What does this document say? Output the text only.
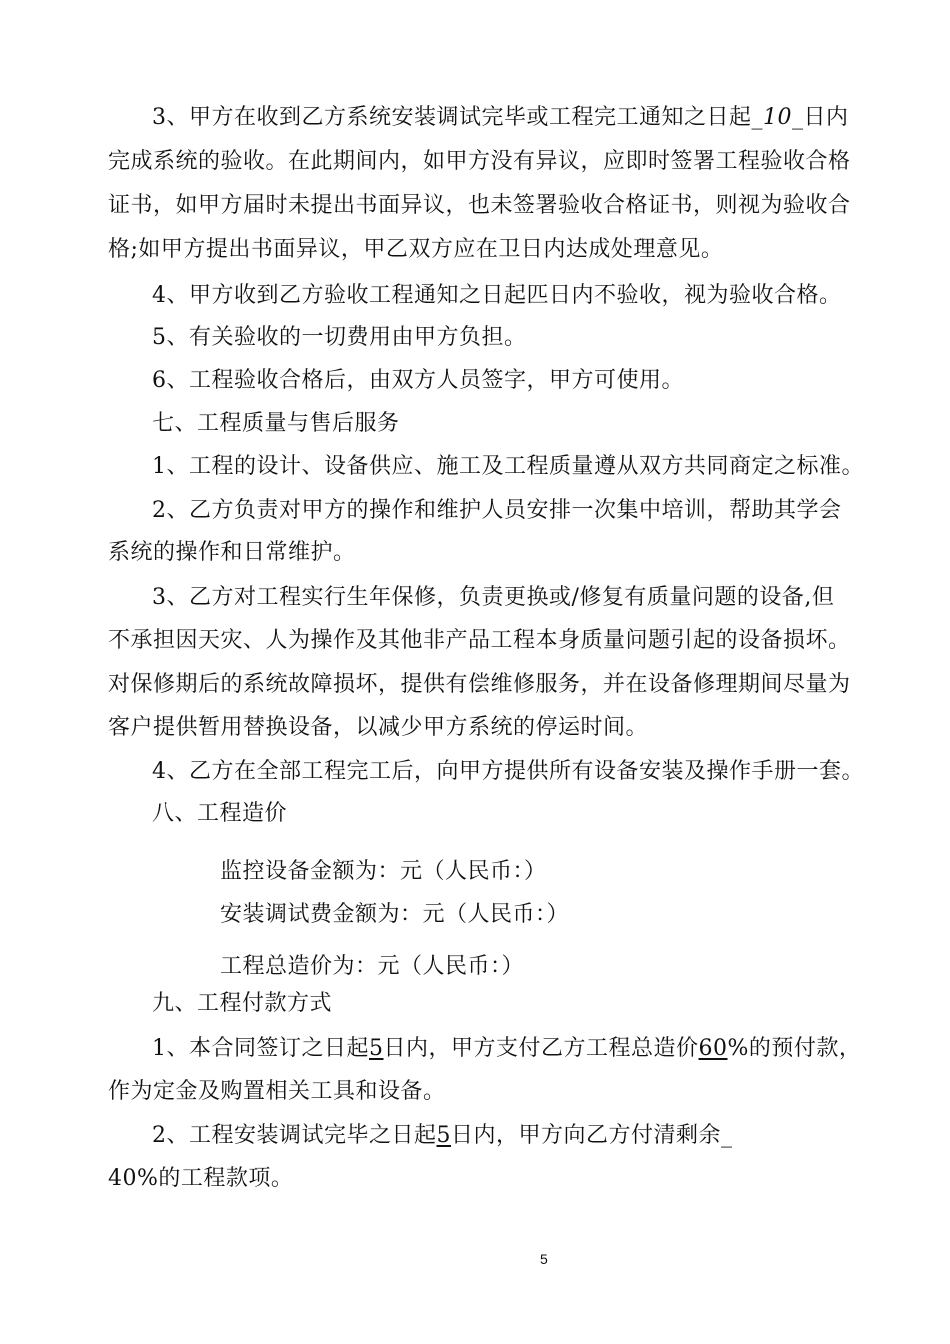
3、甲方在收到乙方系统安装调试完毕或工程完工通知之日起_10_日内
完成系统的验收。在此期间内，如甲方没有异议，应即时签署工程验收合格
证书，如甲方届时未提出书面异议，也未签署验收合格证书，则视为验收合
格;如甲方提出书面异议，甲乙双方应在卫日内达成处理意见。
4、甲方收到乙方验收工程通知之日起匹日内不验收，视为验收合格。
5、有关验收的一切费用由甲方负担。
6、工程验收合格后，由双方人员签字，甲方可使用。
七、工程质量与售后服务
1、工程的设计、设备供应、施工及工程质量遵从双方共同商定之标准。
2、乙方负责对甲方的操作和维护人员安排一次集中培训，帮助其学会
系统的操作和日常维护。
3、乙方对工程实行生年保修，负责更换或/修复有质量问题的设备,但
不承担因天灾、人为操作及其他非产品工程本身质量问题引起的设备损坏。
对保修期后的系统故障损坏，提供有偿维修服务，并在设备修理期间尽量为
客户提供暂用替换设备，以减少甲方系统的停运时间。
4、乙方在全部工程完工后，向甲方提供所有设备安装及操作手册一套。
八、工程造价
监控设备金额为：元（人民币：）
安装调试费金额为：元（人民币：）
工程总造价为：元（人民币：）
九、工程付款方式
1、本合同签订之日起5日内，甲方支付乙方工程总造价60%的预付款，
作为定金及购置相关工具和设备。
2、工程安装调试完毕之日起5日内，甲方向乙方付清剩余_
40%的工程款项。
5
